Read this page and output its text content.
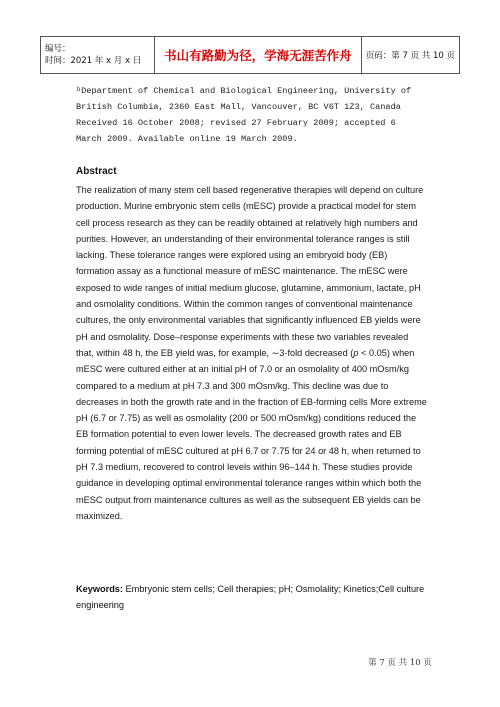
编号：
时间：2021 年 x 月 x 日	书山有路勤为径，学海无涯苦作舟	页码：第 7 页 共 10 页
ᵇDepartment of Chemical and Biological Engineering, University of
British Columbia, 2360 East Mall, Vancouver, BC V6T 1Z3, Canada
Received 16 October 2008; revised 27 February 2009; accepted 6
March 2009. Available online 19 March 2009.
Abstract
The realization of many stem cell based regenerative therapies will depend on culture production. Murine embryonic stem cells (mESC) provide a practical model for stem cell process research as they can be readily obtained at relatively high numbers and purities. However, an understanding of their environmental tolerance ranges is still lacking. These tolerance ranges were explored using an embryoid body (EB) formation assay as a functional measure of mESC maintenance. The mESC were exposed to wide ranges of initial medium glucose, glutamine, ammonium, lactate, pH and osmolality conditions. Within the common ranges of conventional maintenance cultures, the only environmental variables that significantly influenced EB yields were pH and osmolality. Dose–response experiments with these two variables revealed that, within 48 h, the EB yield was, for example, ∼3-fold decreased (p < 0.05) when mESC were cultured either at an initial pH of 7.0 or an osmolality of 400 mOsm/kg compared to a medium at pH 7.3 and 300 mOsm/kg. This decline was due to decreases in both the growth rate and in the fraction of EB-forming cells More extreme pH (6.7 or 7.75) as well as osmolality (200 or 500 mOsm/kg) conditions reduced the EB formation potential to even lower levels. The decreased growth rates and EB forming potential of mESC cultured at pH 6.7 or 7.75 for 24 or 48 h, when returned to pH 7.3 medium, recovered to control levels within 96–144 h. These studies provide guidance in developing optimal environmental tolerance ranges within which both the mESC output from maintenance cultures as well as the subsequent EB yields can be maximized.
Keywords: Embryonic stem cells; Cell therapies; pH; Osmolality; Kinetics;Cell culture engineering
第 7 页 共 10 页
